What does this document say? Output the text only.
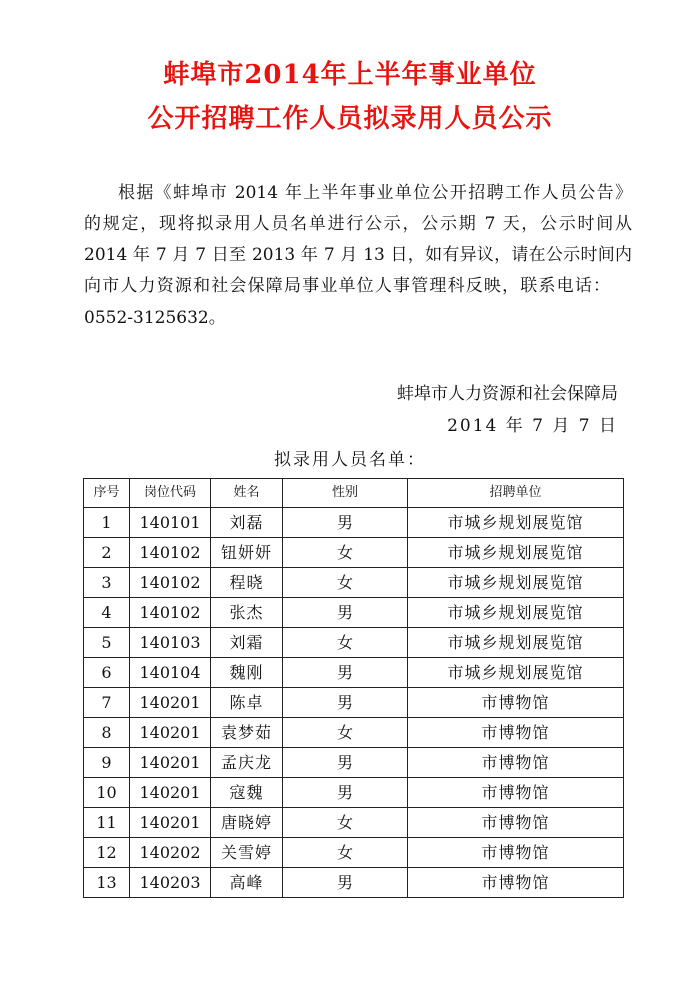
蚌埠市2014年上半年事业单位
公开招聘工作人员拟录用人员公示
根据《蚌埠市 2014 年上半年事业单位公开招聘工作人员公告》
的规定，现将拟录用人员名单进行公示，公示期 7 天，公示时间从
2014 年 7 月 7 日至 2013 年 7 月 13 日，如有异议，请在公示时间内
向市人力资源和社会保障局事业单位人事管理科反映，联系电话：
0552-3125632。
蚌埠市人力资源和社会保障局
2014 年 7 月 7 日
拟录用人员名单：
序号	岗位代码	姓名	性别	招聘单位
1	140101	刘磊	男	市城乡规划展览馆
2	140102	钮妍妍	女	市城乡规划展览馆
3	140102	程晓	女	市城乡规划展览馆
4	140102	张杰	男	市城乡规划展览馆
5	140103	刘霜	女	市城乡规划展览馆
6	140104	魏刚	男	市城乡规划展览馆
7	140201	陈卓	男	市博物馆
8	140201	袁梦茹	女	市博物馆
9	140201	孟庆龙	男	市博物馆
10	140201	寇魏	男	市博物馆
11	140201	唐晓婷	女	市博物馆
12	140202	关雪婷	女	市博物馆
13	140203	高峰	男	市博物馆
